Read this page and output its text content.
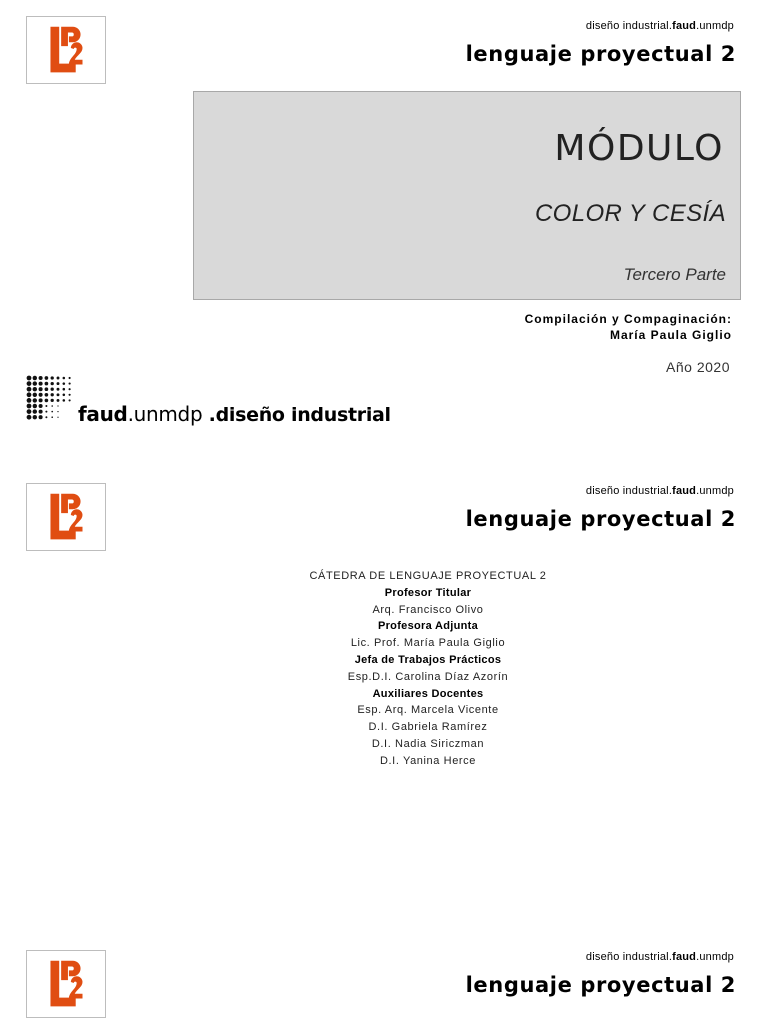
diseño industrial.faud.unmdp
lenguaje proyectual 2
MÓDULO
COLOR Y CESÍA
Tercero Parte
Compilación y Compaginación:
María Paula Giglio
Año 2020
faud.unmdp .diseño industrial
diseño industrial.faud.unmdp
lenguaje proyectual 2
CÁTEDRA DE LENGUAJE PROYECTUAL 2
Profesor Titular
Arq. Francisco Olivo
Profesora Adjunta
Lic. Prof. María Paula Giglio
Jefa de Trabajos Prácticos
Esp.D.I. Carolina Díaz Azorín
Auxiliares Docentes
Esp. Arq. Marcela Vicente
D.I. Gabriela Ramírez
D.I. Nadia Siriczman
D.I. Yanina Herce
diseño industrial.faud.unmdp
lenguaje proyectual 2
